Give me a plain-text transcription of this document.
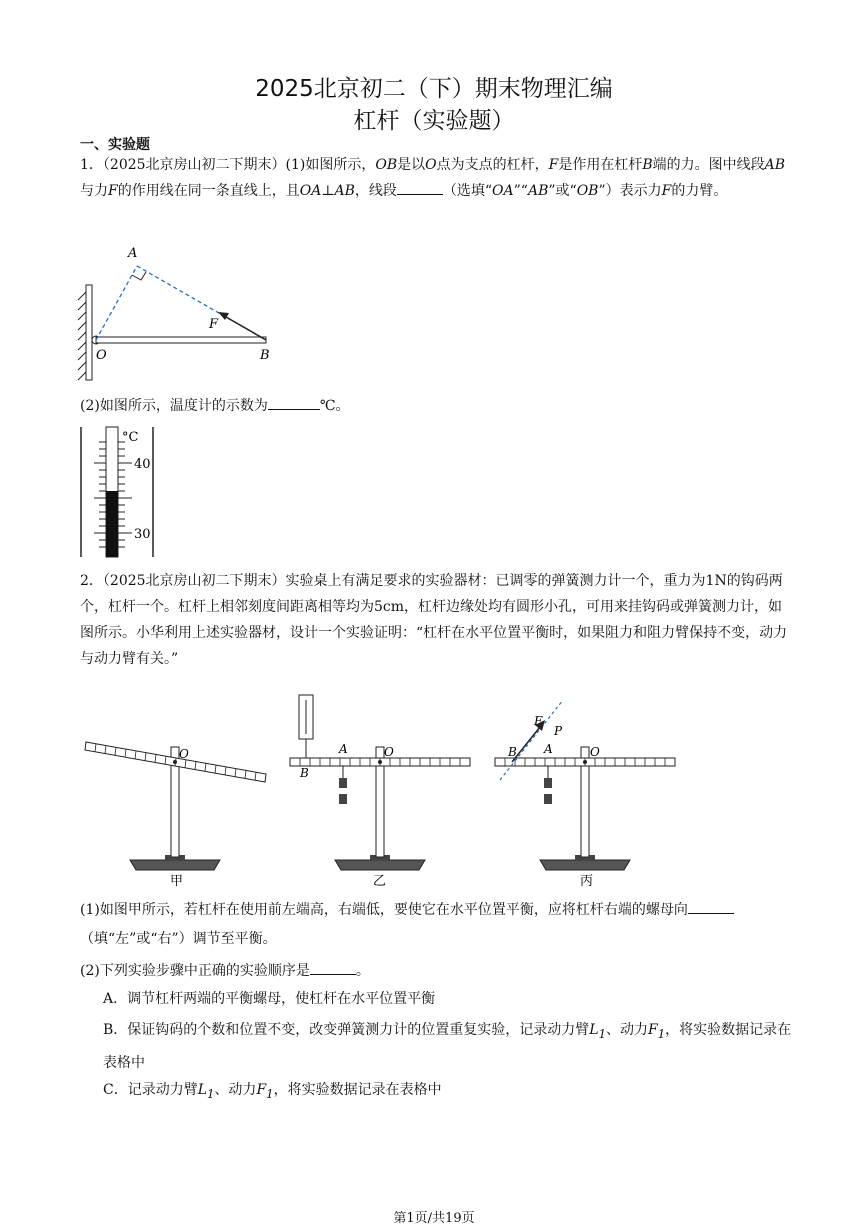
2025北京初二（下）期末物理汇编
杠杆（实验题）
一、实验题
1．（2025北京房山初二下期末）(1)如图所示，OB是以O点为支点的杠杆，F是作用在杠杆B端的力。图中线段AB与力F的作用线在同一条直线上，且OA⊥AB，线段	（选填“OA”“AB”或“OB”）表示力F的力臂。
A
F
O	B
(2)如图所示，温度计的示数为	℃。
°C
40
30
2．（2025北京房山初二下期末）实验桌上有满足要求的实验器材：已调零的弹簧测力计一个，重力为1N的钩码两个，杠杆一个。杠杆上相邻刻度间距离相等均为5cm，杠杆边缘处均有圆形小孔，可用来挂钩码或弹簧测力计，如图所示。小华利用上述实验器材，设计一个实验证明：“杠杆在水平位置平衡时，如果阻力和阻力臂保持不变，动力与动力臂有关。”
O
甲
A	O
B
乙
P
F
B A	O
丙
(1)如图甲所示，若杠杆在使用前左端高，右端低，要使它在水平位置平衡，应将杠杆右端的螺母向（填“左”或“右”）调节至平衡。
(2)下列实验步骤中正确的实验顺序是	。
A．调节杠杆两端的平衡螺母，使杠杆在水平位置平衡
B．保证钩码的个数和位置不变，改变弹簧测力计的位置重复实验，记录动力臂$L_1$、动力$F_1$，将实验数据记录在表格中
C．记录动力臂$L_1$、动力$F_1$，将实验数据记录在表格中
第1页/共19页
